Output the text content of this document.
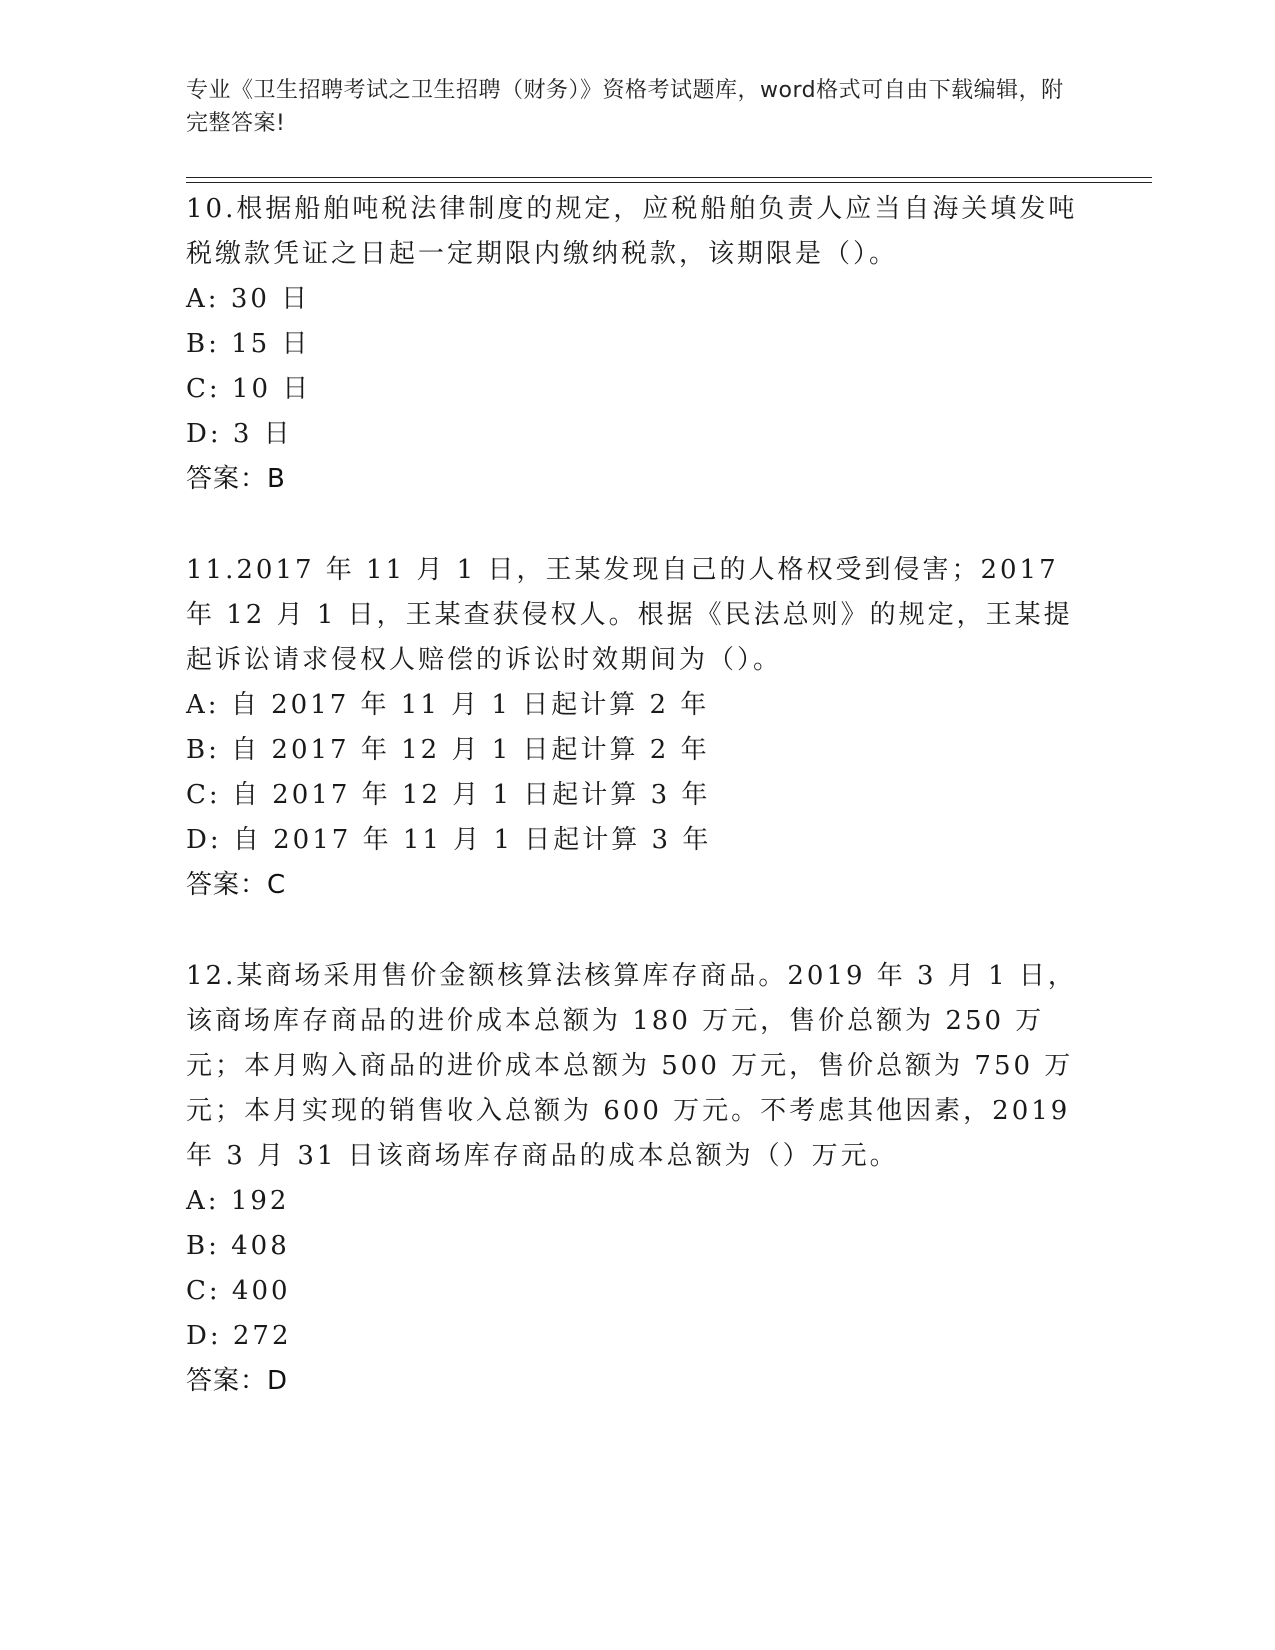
专业《卫生招聘考试之卫生招聘（财务）》资格考试题库，word格式可自由下载编辑，附完整答案!

10.根据船舶吨税法律制度的规定，应税船舶负责人应当自海关填发吨税缴款凭证之日起一定期限内缴纳税款，该期限是（）。

A: 30 日

B: 15 日

C: 10 日

D: 3 日

答案：B

11.2017 年 11 月 1 日，王某发现自己的人格权受到侵害；2017 年 12 月 1 日，王某查获侵权人。根据《民法总则》的规定，王某提起诉讼请求侵权人赔偿的诉讼时效期间为（）。

A: 自 2017 年 11 月 1 日起计算 2 年

B: 自 2017 年 12 月 1 日起计算 2 年

C: 自 2017 年 12 月 1 日起计算 3 年

D: 自 2017 年 11 月 1 日起计算 3 年

答案：C

12.某商场采用售价金额核算法核算库存商品。2019 年 3 月 1 日，该商场库存商品的进价成本总额为 180 万元，售价总额为 250 万元；本月购入商品的进价成本总额为 500 万元，售价总额为 750 万元；本月实现的销售收入总额为 600 万元。不考虑其他因素，2019 年 3 月 31 日该商场库存商品的成本总额为（）万元。

A: 192

B: 408

C: 400

D: 272

答案：D
